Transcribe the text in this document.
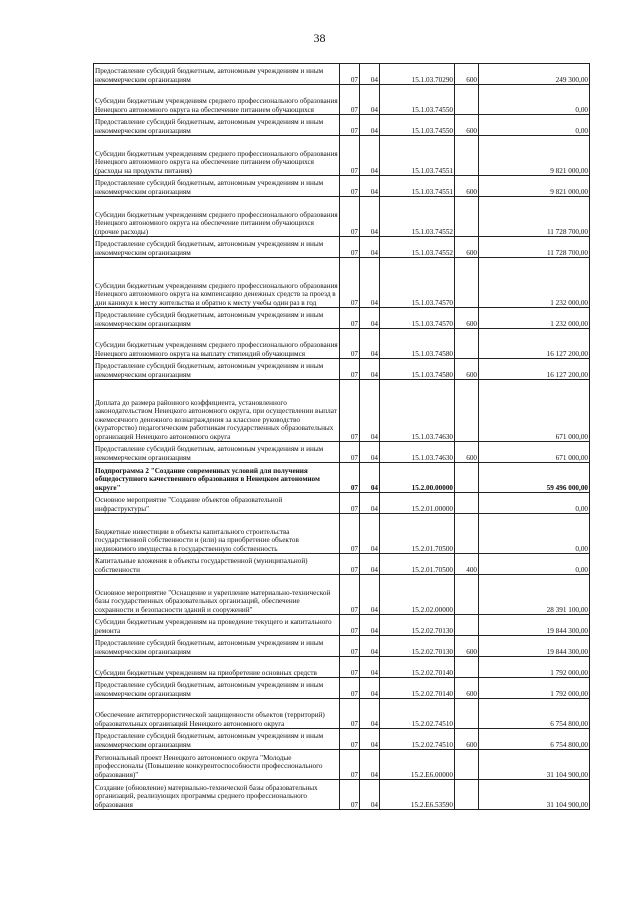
38
Предоставление субсидий бюджетным, автономным учреждениям и иным некоммерческим организациям	07	04	15.1.03.70290	600	249 300,00
Субсидии бюджетным учреждениям среднего профессионального образования Ненецкого автономного округа на обеспечение питанием обучающихся	07	04	15.1.03.74550		0,00
Предоставление субсидий бюджетным, автономным учреждениям и иным некоммерческим организациям	07	04	15.1.03.74550	600	0,00
Субсидии бюджетным учреждениям среднего профессионального образования Ненецкого автономного округа на обеспечение питанием обучающихся (расходы на продукты питания)	07	04	15.1.03.74551		9 821 000,00
Предоставление субсидий бюджетным, автономным учреждениям и иным некоммерческим организациям	07	04	15.1.03.74551	600	9 821 000,00
Субсидии бюджетным учреждениям среднего профессионального образования Ненецкого автономного округа на обеспечение питанием обучающихся (прочие расходы)	07	04	15.1.03.74552		11 728 700,00
Предоставление субсидий бюджетным, автономным учреждениям и иным некоммерческим организациям	07	04	15.1.03.74552	600	11 728 700,00
Субсидии бюджетным учреждениям среднего профессионального образования Ненецкого автономного округа на компенсацию денежных средств за проезд в дни каникул к месту жительства и обратно к месту учебы один раз в год	07	04	15.1.03.74570		1 232 000,00
Предоставление субсидий бюджетным, автономным учреждениям и иным некоммерческим организациям	07	04	15.1.03.74570	600	1 232 000,00
Субсидии бюджетным учреждениям среднего профессионального образования Ненецкого автономного округа на выплату стипендий обучающимся	07	04	15.1.03.74580		16 127 200,00
Предоставление субсидий бюджетным, автономным учреждениям и иным некоммерческим организациям	07	04	15.1.03.74580	600	16 127 200,00
Доплата до размера районного коэффициента, установленного законодательством Ненецкого автономного округа, при осуществлении выплат ежемесячного денежного вознаграждения за классное руководство (кураторство) педагогическим работникам государственных образовательных организаций Ненецкого автономного округа	07	04	15.1.03.74630		671 000,00
Предоставление субсидий бюджетным, автономным учреждениям и иным некоммерческим организациям	07	04	15.1.03.74630	600	671 000,00
Подпрограмма 2 "Создание современных условий для получения общедоступного качественного образования в Ненецком автономном округе"	07	04	15.2.00.00000		59 496 000,00
Основное мероприятие "Создание объектов образовательной инфраструктуры"	07	04	15.2.01.00000		0,00
Бюджетные инвестиции в объекты капитального строительства государственной собственности и (или) на приобретение объектов недвижимого имущества в государственную собственность	07	04	15.2.01.70500		0,00
Капитальные вложения в объекты государственной (муниципальной) собственности	07	04	15.2.01.70500	400	0,00
Основное мероприятие "Оснащение и укрепление материально-технической базы государственных образовательных организаций, обеспечение сохранности и безопасности зданий и сооружений"	07	04	15.2.02.00000		28 391 100,00
Субсидии бюджетным учреждениям на проведение текущего и капитального ремонта	07	04	15.2.02.70130		19 844 300,00
Предоставление субсидий бюджетным, автономным учреждениям и иным некоммерческим организациям	07	04	15.2.02.70130	600	19 844 300,00
Субсидии бюджетным учреждениям на приобретение основных средств	07	04	15.2.02.70140		1 792 000,00
Предоставление субсидий бюджетным, автономным учреждениям и иным некоммерческим организациям	07	04	15.2.02.70140	600	1 792 000,00
Обеспечение антитеррористической защищенности объектов (территорий) образовательных организаций Ненецкого автономного округа	07	04	15.2.02.74510		6 754 800,00
Предоставление субсидий бюджетным, автономным учреждениям и иным некоммерческим организациям	07	04	15.2.02.74510	600	6 754 800,00
Региональный проект Ненецкого автономного округа "Молодые профессионалы (Повышение конкурентоспособности профессионального образования)"	07	04	15.2.E6.00000		31 104 900,00
Создание (обновление) материально-технической базы образовательных организаций, реализующих программы среднего профессионального образования	07	04	15.2.E6.53590		31 104 900,00
